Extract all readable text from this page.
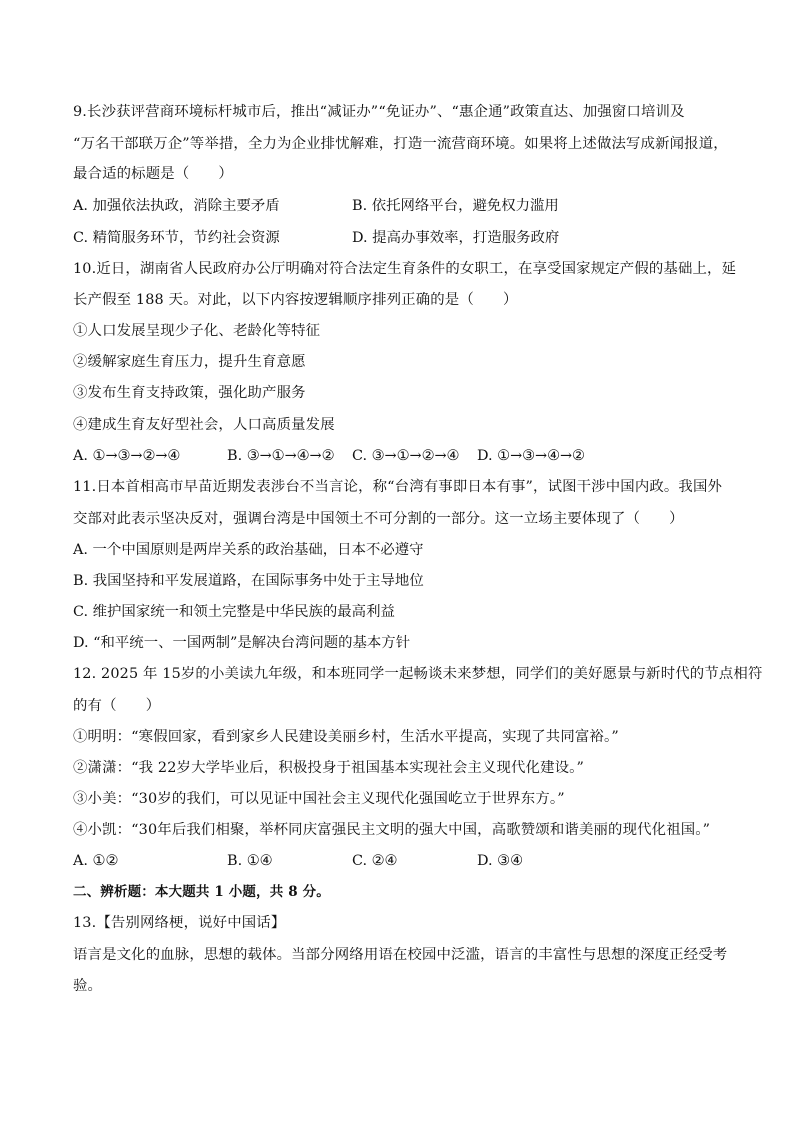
9.长沙获评营商环境标杆城市后，推出“减证办”“免证办”、“惠企通”政策直达、加强窗口培训及
“万名干部联万企”等举措，全力为企业排忧解难，打造一流营商环境。如果将上述做法写成新闻报道，
最合适的标题是（　　）
A. 加强依法执政，消除主要矛盾	B. 依托网络平台，避免权力滥用
C. 精简服务环节，节约社会资源	D. 提高办事效率，打造服务政府
10.近日，湖南省人民政府办公厅明确对符合法定生育条件的女职工，在享受国家规定产假的基础上，延
长产假至 188 天。对此，以下内容按逻辑顺序排列正确的是（　　）
①人口发展呈现少子化、老龄化等特征
②缓解家庭生育压力，提升生育意愿
③发布生育支持政策，强化助产服务
④建成生育友好型社会，人口高质量发展
A. ①→③→②→④	B. ③→①→④→② C. ③→①→②→④ D. ①→③→④→②
11.日本首相高市早苗近期发表涉台不当言论，称“台湾有事即日本有事”，试图干涉中国内政。我国外
交部对此表示坚决反对，强调台湾是中国领土不可分割的一部分。这一立场主要体现了（　　）
A. 一个中国原则是两岸关系的政治基础，日本不必遵守
B. 我国坚持和平发展道路，在国际事务中处于主导地位
C. 维护国家统一和领土完整是中华民族的最高利益
D. “和平统一、一国两制”是解决台湾问题的基本方针
12. 2025 年 15岁的小美读九年级，和本班同学一起畅谈未来梦想，同学们的美好愿景与新时代的节点相符
的有（　　）
①明明：“寒假回家，看到家乡人民建设美丽乡村，生活水平提高，实现了共同富裕。”
②潇潇：“我 22岁大学毕业后，积极投身于祖国基本实现社会主义现代化建设。”
③小美：“30岁的我们，可以见证中国社会主义现代化强国屹立于世界东方。”
④小凯：“30年后我们相聚，举杯同庆富强民主文明的强大中国，高歌赞颂和谐美丽的现代化祖国。”
A. ①②	B. ①④	C. ②④	D. ③④
二、辨析题：本大题共 1 小题，共 8 分。
13.【告别网络梗，说好中国话】
语言是文化的血脉，思想的载体。当部分网络用语在校园中泛滥，语言的丰富性与思想的深度正经受考
验。
